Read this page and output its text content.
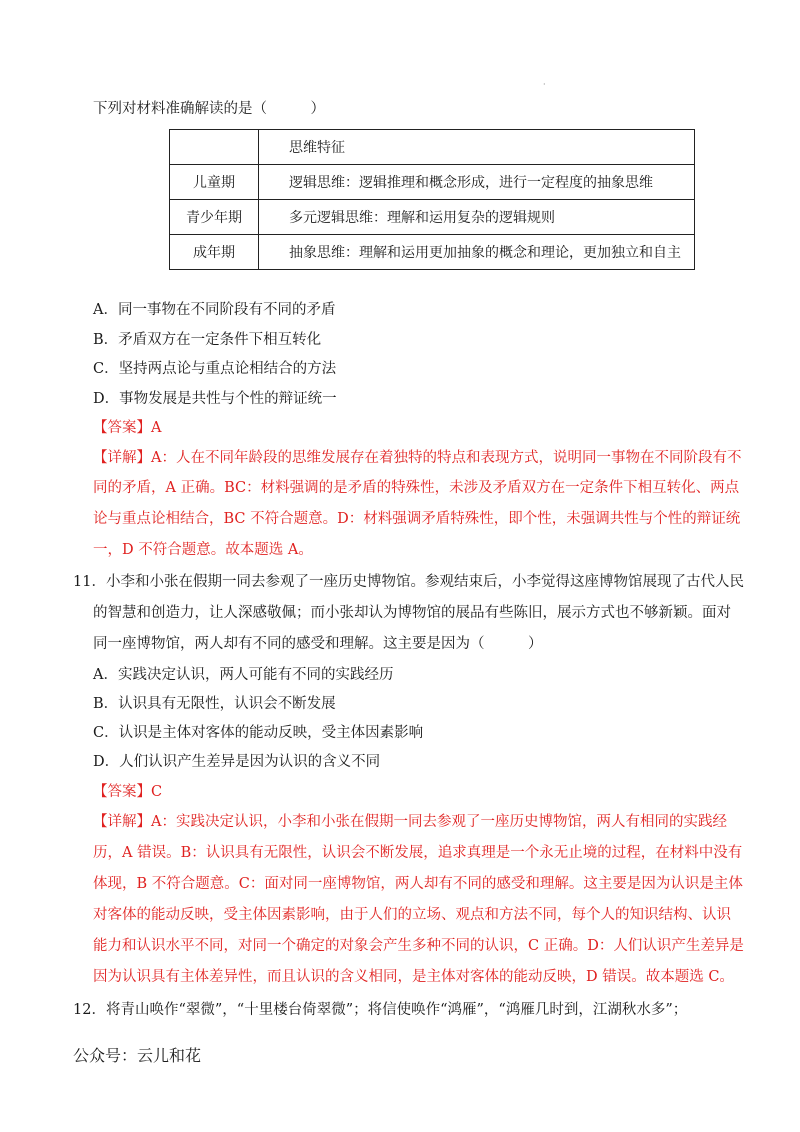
·
下列对材料准确解读的是（　　　）
	思维特征
儿童期	逻辑思维：逻辑推理和概念形成，进行一定程度的抽象思维
青少年期	多元逻辑思维：理解和运用复杂的逻辑规则
成年期	抽象思维：理解和运用更加抽象的概念和理论，更加独立和自主
A．同一事物在不同阶段有不同的矛盾
B．矛盾双方在一定条件下相互转化
C．坚持两点论与重点论相结合的方法
D．事物发展是共性与个性的辩证统一
【答案】A
【详解】A：人在不同年龄段的思维发展存在着独特的特点和表现方式，说明同一事物在不同阶段有不
同的矛盾，A 正确。BC：材料强调的是矛盾的特殊性，未涉及矛盾双方在一定条件下相互转化、两点
论与重点论相结合，BC 不符合题意。D：材料强调矛盾特殊性，即个性，未强调共性与个性的辩证统
一，D 不符合题意。故本题选 A。
11．小李和小张在假期一同去参观了一座历史博物馆。参观结束后，小李觉得这座博物馆展现了古代人民
的智慧和创造力，让人深感敬佩；而小张却认为博物馆的展品有些陈旧，展示方式也不够新颖。面对
同一座博物馆，两人却有不同的感受和理解。这主要是因为（　　　）
A．实践决定认识，两人可能有不同的实践经历
B．认识具有无限性，认识会不断发展
C．认识是主体对客体的能动反映，受主体因素影响
D．人们认识产生差异是因为认识的含义不同
【答案】C
【详解】A：实践决定认识，小李和小张在假期一同去参观了一座历史博物馆，两人有相同的实践经
历，A 错误。B：认识具有无限性，认识会不断发展，追求真理是一个永无止境的过程，在材料中没有
体现，B 不符合题意。C：面对同一座博物馆，两人却有不同的感受和理解。这主要是因为认识是主体
对客体的能动反映，受主体因素影响，由于人们的立场、观点和方法不同，每个人的知识结构、认识
能力和认识水平不同，对同一个确定的对象会产生多种不同的认识，C 正确。D：人们认识产生差异是
因为认识具有主体差异性，而且认识的含义相同，是主体对客体的能动反映，D 错误。故本题选 C。
12．将青山唤作“翠微”，“十里楼台倚翠微”；将信使唤作“鸿雁”，“鸿雁几时到，江湖秋水多”；
公众号：云儿和花
